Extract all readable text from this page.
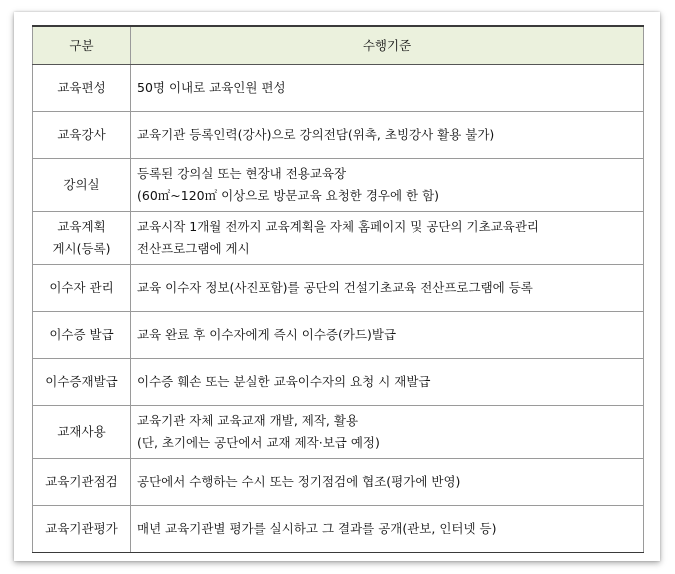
구분	수행기준

교육편성	50명 이내로 교육인원 편성

교육강사	교육기관 등록인력(강사)으로 강의전담(위촉, 초빙강사 활용 불가)

강의실	등록된 강의실 또는 현장내 전용교육장
(60㎡~120㎡ 이상으로 방문교육 요청한 경우에 한 함)

교육계획
게시(등록)	교육시작 1개월 전까지 교육계획을 자체 홈페이지 및 공단의 기초교육관리
전산프로그램에 게시

이수자 관리	교육 이수자 정보(사진포함)를 공단의 건설기초교육 전산프로그램에 등록

이수증 발급	교육 완료 후 이수자에게 즉시 이수증(카드)발급

이수증재발급	이수증 훼손 또는 분실한 교육이수자의 요청 시 재발급

교재사용	교육기관 자체 교육교재 개발, 제작, 활용
(단, 초기에는 공단에서 교재 제작·보급 예정)

교육기관점검	공단에서 수행하는 수시 또는 정기점검에 협조(평가에 반영)

교육기관평가	매년 교육기관별 평가를 실시하고 그 결과를 공개(관보, 인터넷 등)
